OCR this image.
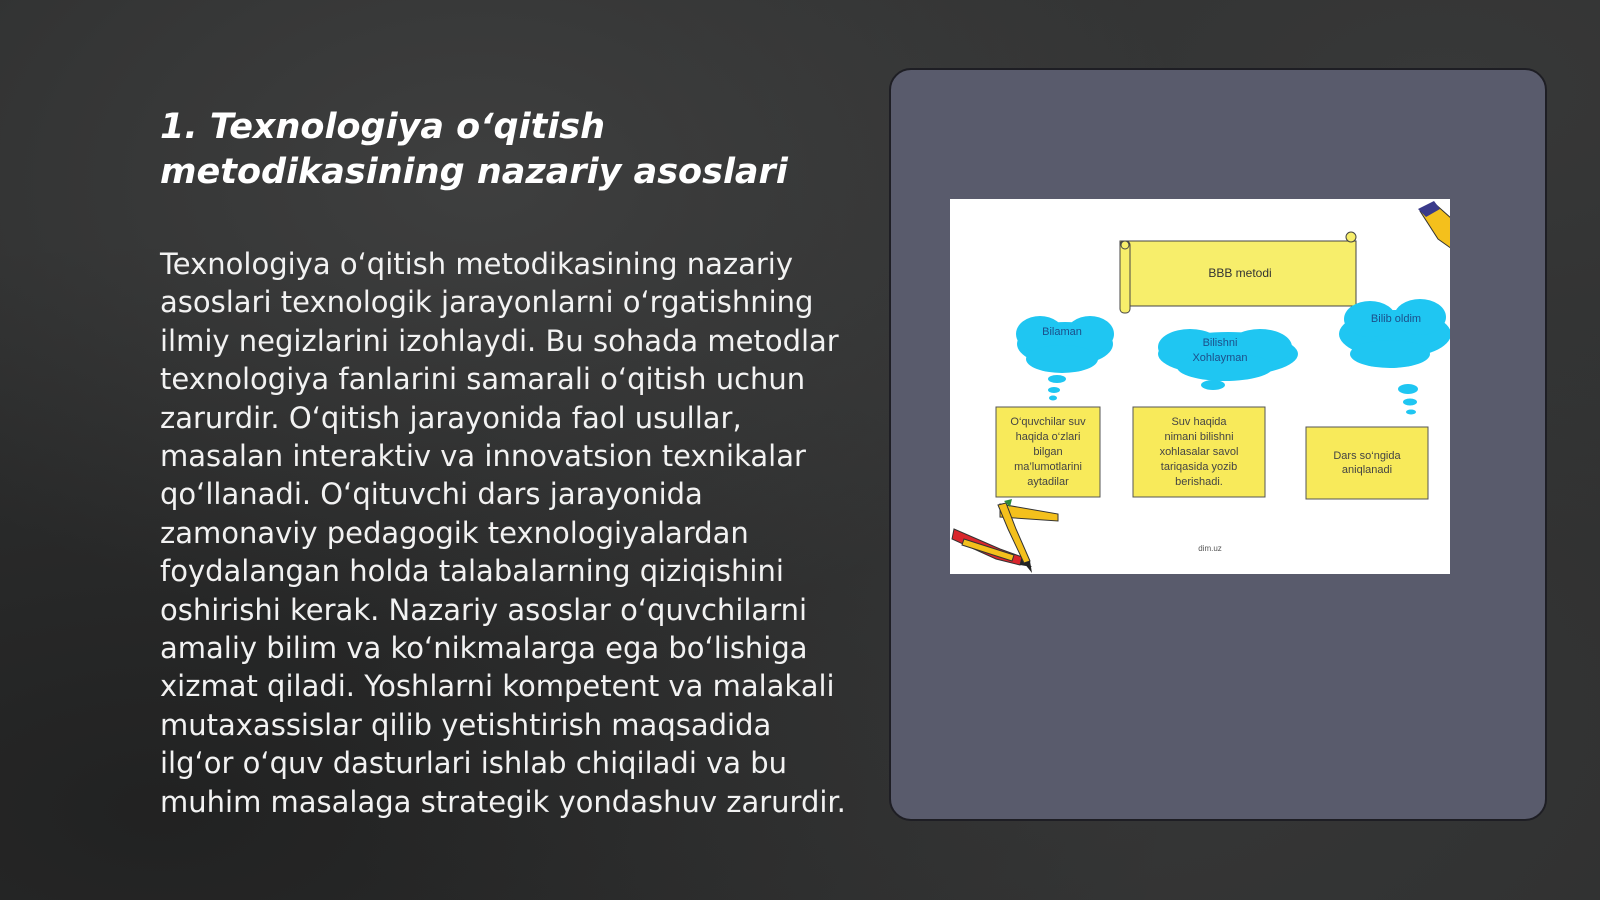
1. Texnologiya o‘qitish metodikasining nazariy asoslari

Texnologiya o‘qitish metodikasining nazariy asoslari texnologik jarayonlarni o‘rgatishning ilmiy negizlarini izohlaydi. Bu sohada metodlar texnologiya fanlarini samarali o‘qitish uchun zarurdir. O‘qitish jarayonida faol usullar, masalan interaktiv va innovatsion texnikalar qo‘llanadi. O‘qituvchi dars jarayonida zamonaviy pedagogik texnologiyalardan foydalangan holda talabalarning qiziqishini oshirishi kerak. Nazariy asoslar o‘quvchilarni amaliy bilim va ko‘nikmalarga ega bo‘lishiga xizmat qiladi. Yoshlarni kompetent va malakali mutaxassislar qilib yetishtirish maqsadida ilg‘or o‘quv dasturlari ishlab chiqiladi va bu muhim masalaga strategik yondashuv zarurdir.

BBB metodi
Bilaman
Bilishni
Xohlayman
Bilib oldim
O‘quvchilar suv
haqida o‘zlari
bilgan
ma’lumotlarini
aytadilar
Suv haqida
nimani bilishni
xohlasalar savol
tariqasida yozib
berishadi.
Dars so‘ngida
aniqlanadi
dim.uz
